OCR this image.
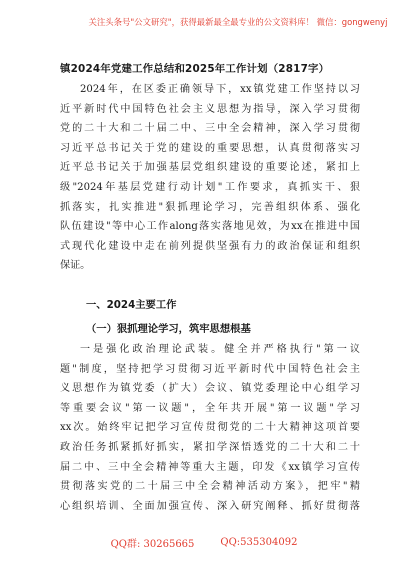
关注头条号"公文研究"，获得最新最全最专业的公文资料库！ 微信：gongwenyj
镇2024年党建工作总结和2025年工作计划（2817字）
2024年，在区委正确领导下，xx镇党建工作坚持以习
近平新时代中国特色社会主义思想为指导，深入学习贯彻
党的二十大和二十届二中、三中全会精神，深入学习贯彻
习近平总书记关于党的建设的重要思想，认真贯彻落实习
近平总书记关于加强基层党组织建设的重要论述，紧扣上
级"2024年基层党建行动计划"工作要求，真抓实干、狠
抓落实，扎实推进"狠抓理论学习，完善组织体系、强化
队伍建设"等中心工作along落实落地见效，为xx在推进中国
式现代化建设中走在前列提供坚强有力的政治保证和组织
保证。
一、2024主要工作
（一）狠抓理论学习，筑牢思想根基
一是强化政治理论武装。健全并严格执行"第一议
题"制度，坚持把学习贯彻习近平新时代中国特色社会主
义思想作为镇党委（扩大）会议、镇党委理论中心组学习
等重要会议"第一议题"，全年共开展"第一议题"学习
xx次。始终牢记把学习宣传贯彻党的二十大精神这项首要
政治任务抓紧抓好抓实，紧扣学深悟透党的二十大和二十
届二中、三中全会精神等重大主题，印发《xx镇学习宣传
贯彻落实党的二十届三中全会精神活动方案》，把牢"精
心组织培训、全面加强宣传、深入研究阐释、抓好贯彻落
QQ群: 30265665	QQ:535304092
